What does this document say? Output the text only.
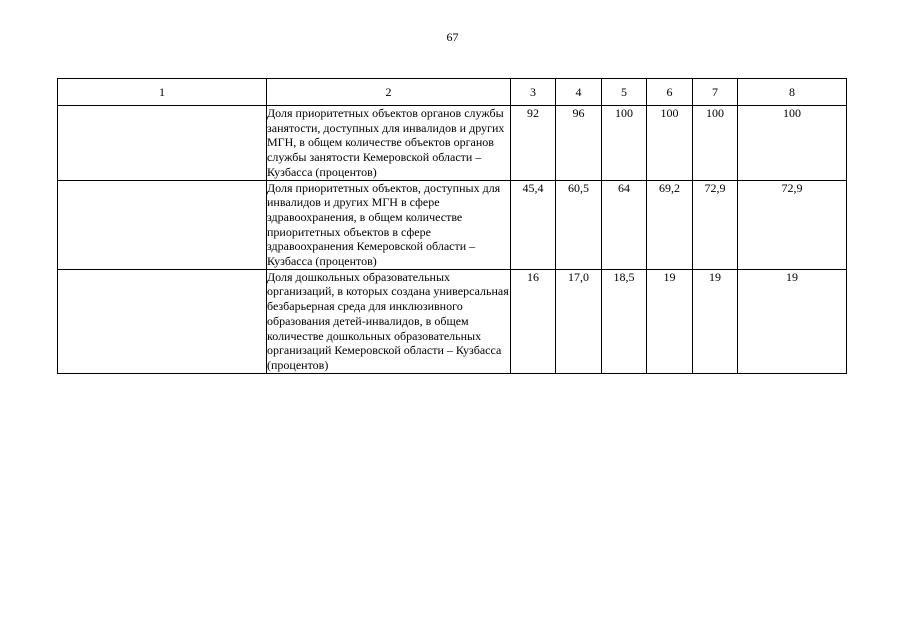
67
1	2	3	4	5	6	7	8
	Доля приоритетных объектов органов службы занятости, доступных для инвалидов и других МГН, в общем количестве объектов органов службы занятости Кемеровской области – Кузбасса (процентов)	92	96	100	100	100	100
	Доля приоритетных объектов, доступных для инвалидов и других МГН в сфере здравоохранения, в общем количестве приоритетных объектов в сфере здравоохранения Кемеровской области – Кузбасса (процентов)	45,4	60,5	64	69,2	72,9	72,9
	Доля дошкольных образовательных организаций, в которых создана универсальная безбарьерная среда для инклюзивного образования детей-инвалидов, в общем количестве дошкольных образовательных организаций Кемеровской области – Кузбасса (процентов)	16	17,0	18,5	19	19	19
